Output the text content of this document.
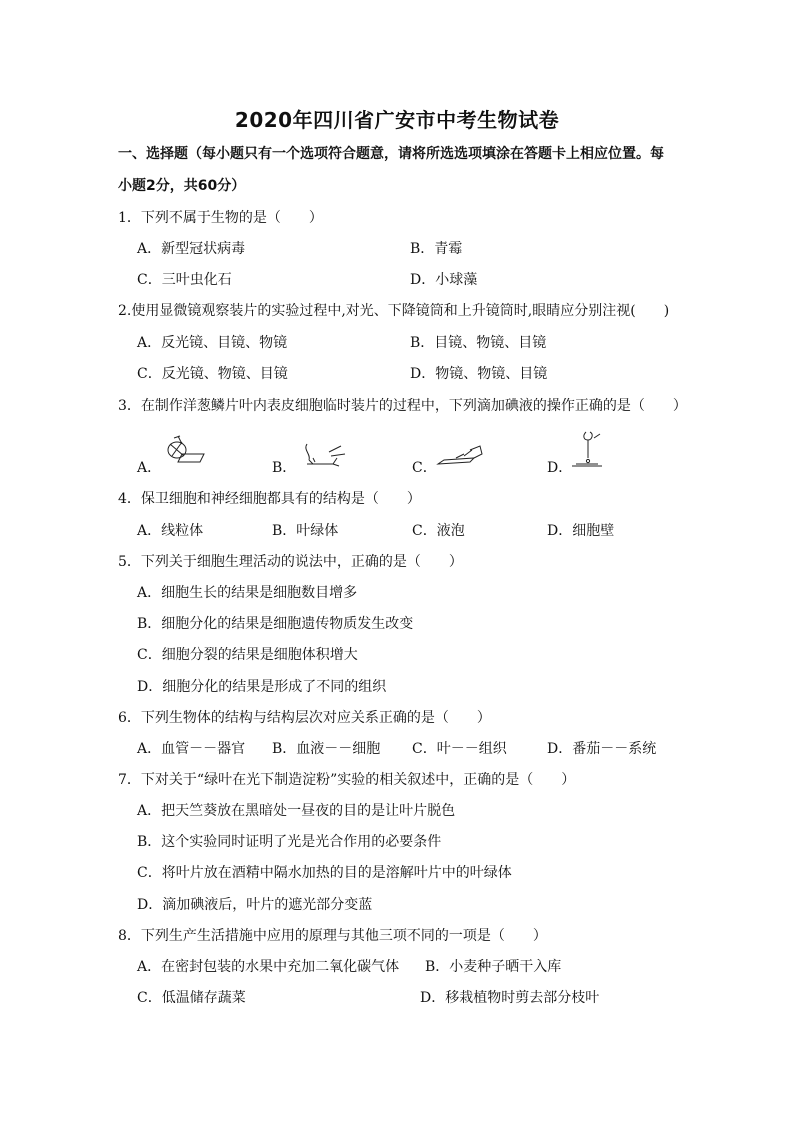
2020年四川省广安市中考生物试卷
一、选择题（每小题只有一个选项符合题意，请将所选选项填涂在答题卡上相应位置。每
小题2分，共60分）
1．下列不属于生物的是（　　）
A．新型冠状病毒	B．青霉
C．三叶虫化石	D．小球藻
2.使用显微镜观察装片的实验过程中,对光、下降镜筒和上升镜筒时,眼睛应分别注视(　　)
A．反光镜、目镜、物镜	B．目镜、物镜、目镜
C．反光镜、物镜、目镜	D．物镜、物镜、目镜
3．在制作洋葱鳞片叶内表皮细胞临时装片的过程中，下列滴加碘液的操作正确的是（　　）
A．	B．	C．	D．
4．保卫细胞和神经细胞都具有的结构是（　　）
A．线粒体	B．叶绿体	C．液泡	D．细胞壁
5．下列关于细胞生理活动的说法中，正确的是（　　）
A．细胞生长的结果是细胞数目增多
B．细胞分化的结果是细胞遗传物质发生改变
C．细胞分裂的结果是细胞体积增大
D．细胞分化的结果是形成了不同的组织
6．下列生物体的结构与结构层次对应关系正确的是（　　）
A．血管－－器官 B．血液－－细胞 C．叶－－组织	D．番茄－－系统
7．下对关于“绿叶在光下制造淀粉”实验的相关叙述中，正确的是（　　）
A．把天竺葵放在黑暗处一昼夜的目的是让叶片脱色
B．这个实验同时证明了光是光合作用的必要条件
C．将叶片放在酒精中隔水加热的目的是溶解叶片中的叶绿体
D．滴加碘液后，叶片的遮光部分变蓝
8．下列生产生活措施中应用的原理与其他三项不同的一项是（　　）
A．在密封包装的水果中充加二氧化碳气体 B．小麦种子晒干入库
C．低温储存蔬菜	D．移栽植物时剪去部分枝叶
